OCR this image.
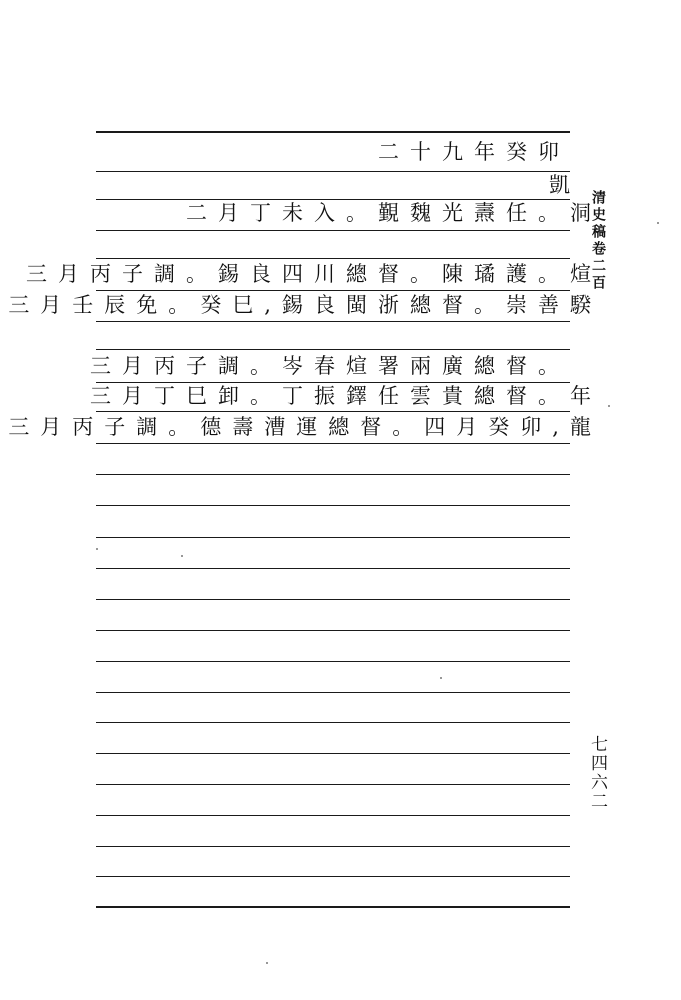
二十九年癸卯
凱
二月丁未入。覲魏光燾任。
三月丙子調。錫良四川總督。陳璚護。
三月壬辰免。癸巳,錫良閩浙總督。崇善
三月丙子調。岑春煊署兩廣總督。
三月丁巳卸。丁振鐸任雲貴總督。
三月丙子調。德壽漕運總督。四月癸卯,
洞
煊
騤
年
龍
清史稿卷二百
七四六二
